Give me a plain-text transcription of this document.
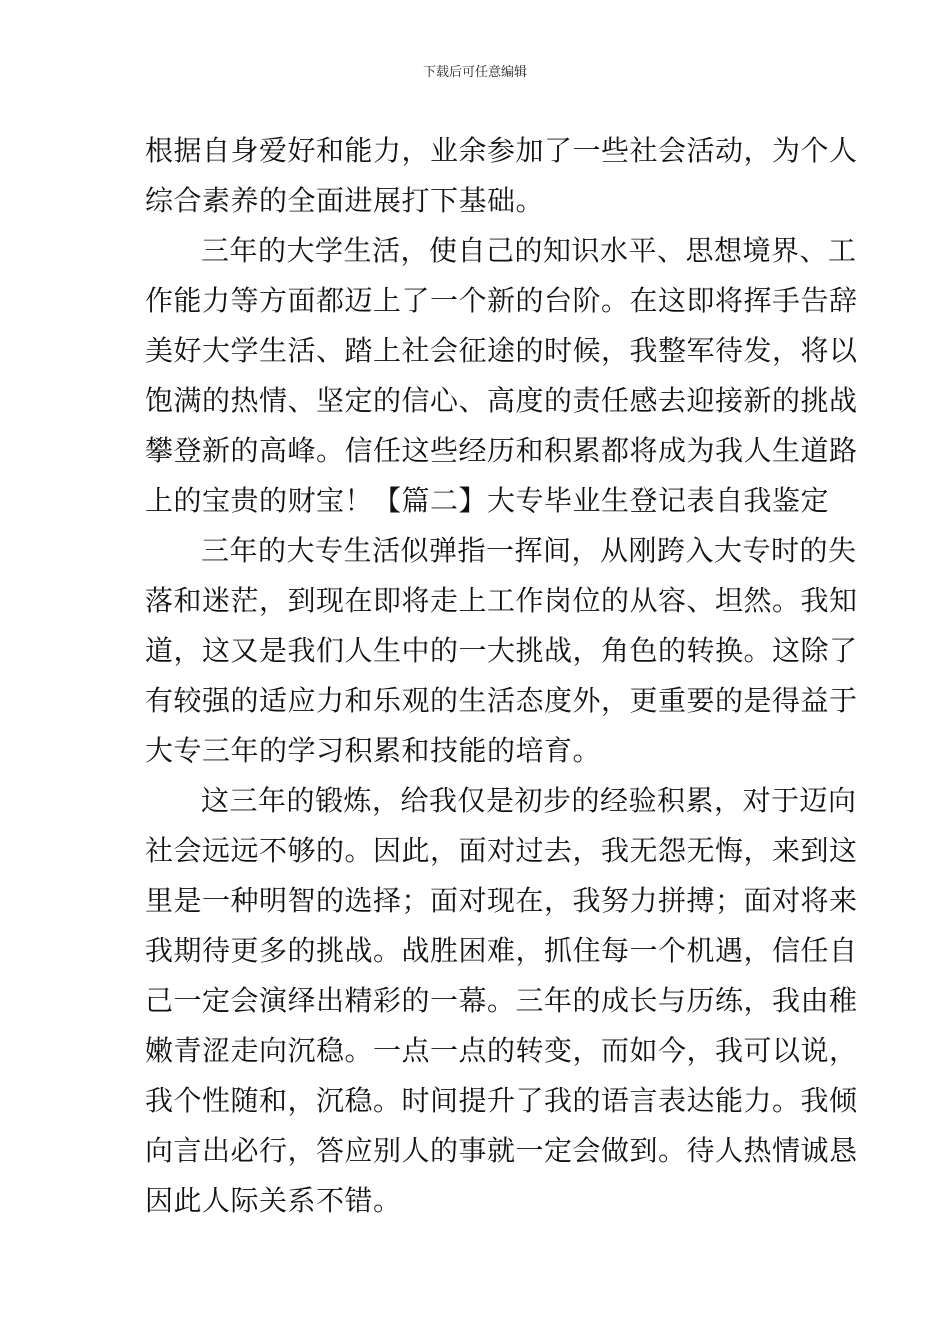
下载后可任意编辑
根据自身爱好和能力，业余参加了一些社会活动，为个人
综合素养的全面进展打下基础。
三年的大学生活，使自己的知识水平、思想境界、工
作能力等方面都迈上了一个新的台阶。在这即将挥手告辞
美好大学生活、踏上社会征途的时候，我整军待发，将以
饱满的热情、坚定的信心、高度的责任感去迎接新的挑战
攀登新的高峰。信任这些经历和积累都将成为我人生道路
上的宝贵的财宝！【篇二】大专毕业生登记表自我鉴定
三年的大专生活似弹指一挥间，从刚跨入大专时的失
落和迷茫，到现在即将走上工作岗位的从容、坦然。我知
道，这又是我们人生中的一大挑战，角色的转换。这除了
有较强的适应力和乐观的生活态度外，更重要的是得益于
大专三年的学习积累和技能的培育。
这三年的锻炼，给我仅是初步的经验积累，对于迈向
社会远远不够的。因此，面对过去，我无怨无悔，来到这
里是一种明智的选择；面对现在，我努力拼搏；面对将来
我期待更多的挑战。战胜困难，抓住每一个机遇，信任自
己一定会演绎出精彩的一幕。三年的成长与历练，我由稚
嫩青涩走向沉稳。一点一点的转变，而如今，我可以说，
我个性随和，沉稳。时间提升了我的语言表达能力。我倾
向言出必行，答应别人的事就一定会做到。待人热情诚恳
因此人际关系不错。
